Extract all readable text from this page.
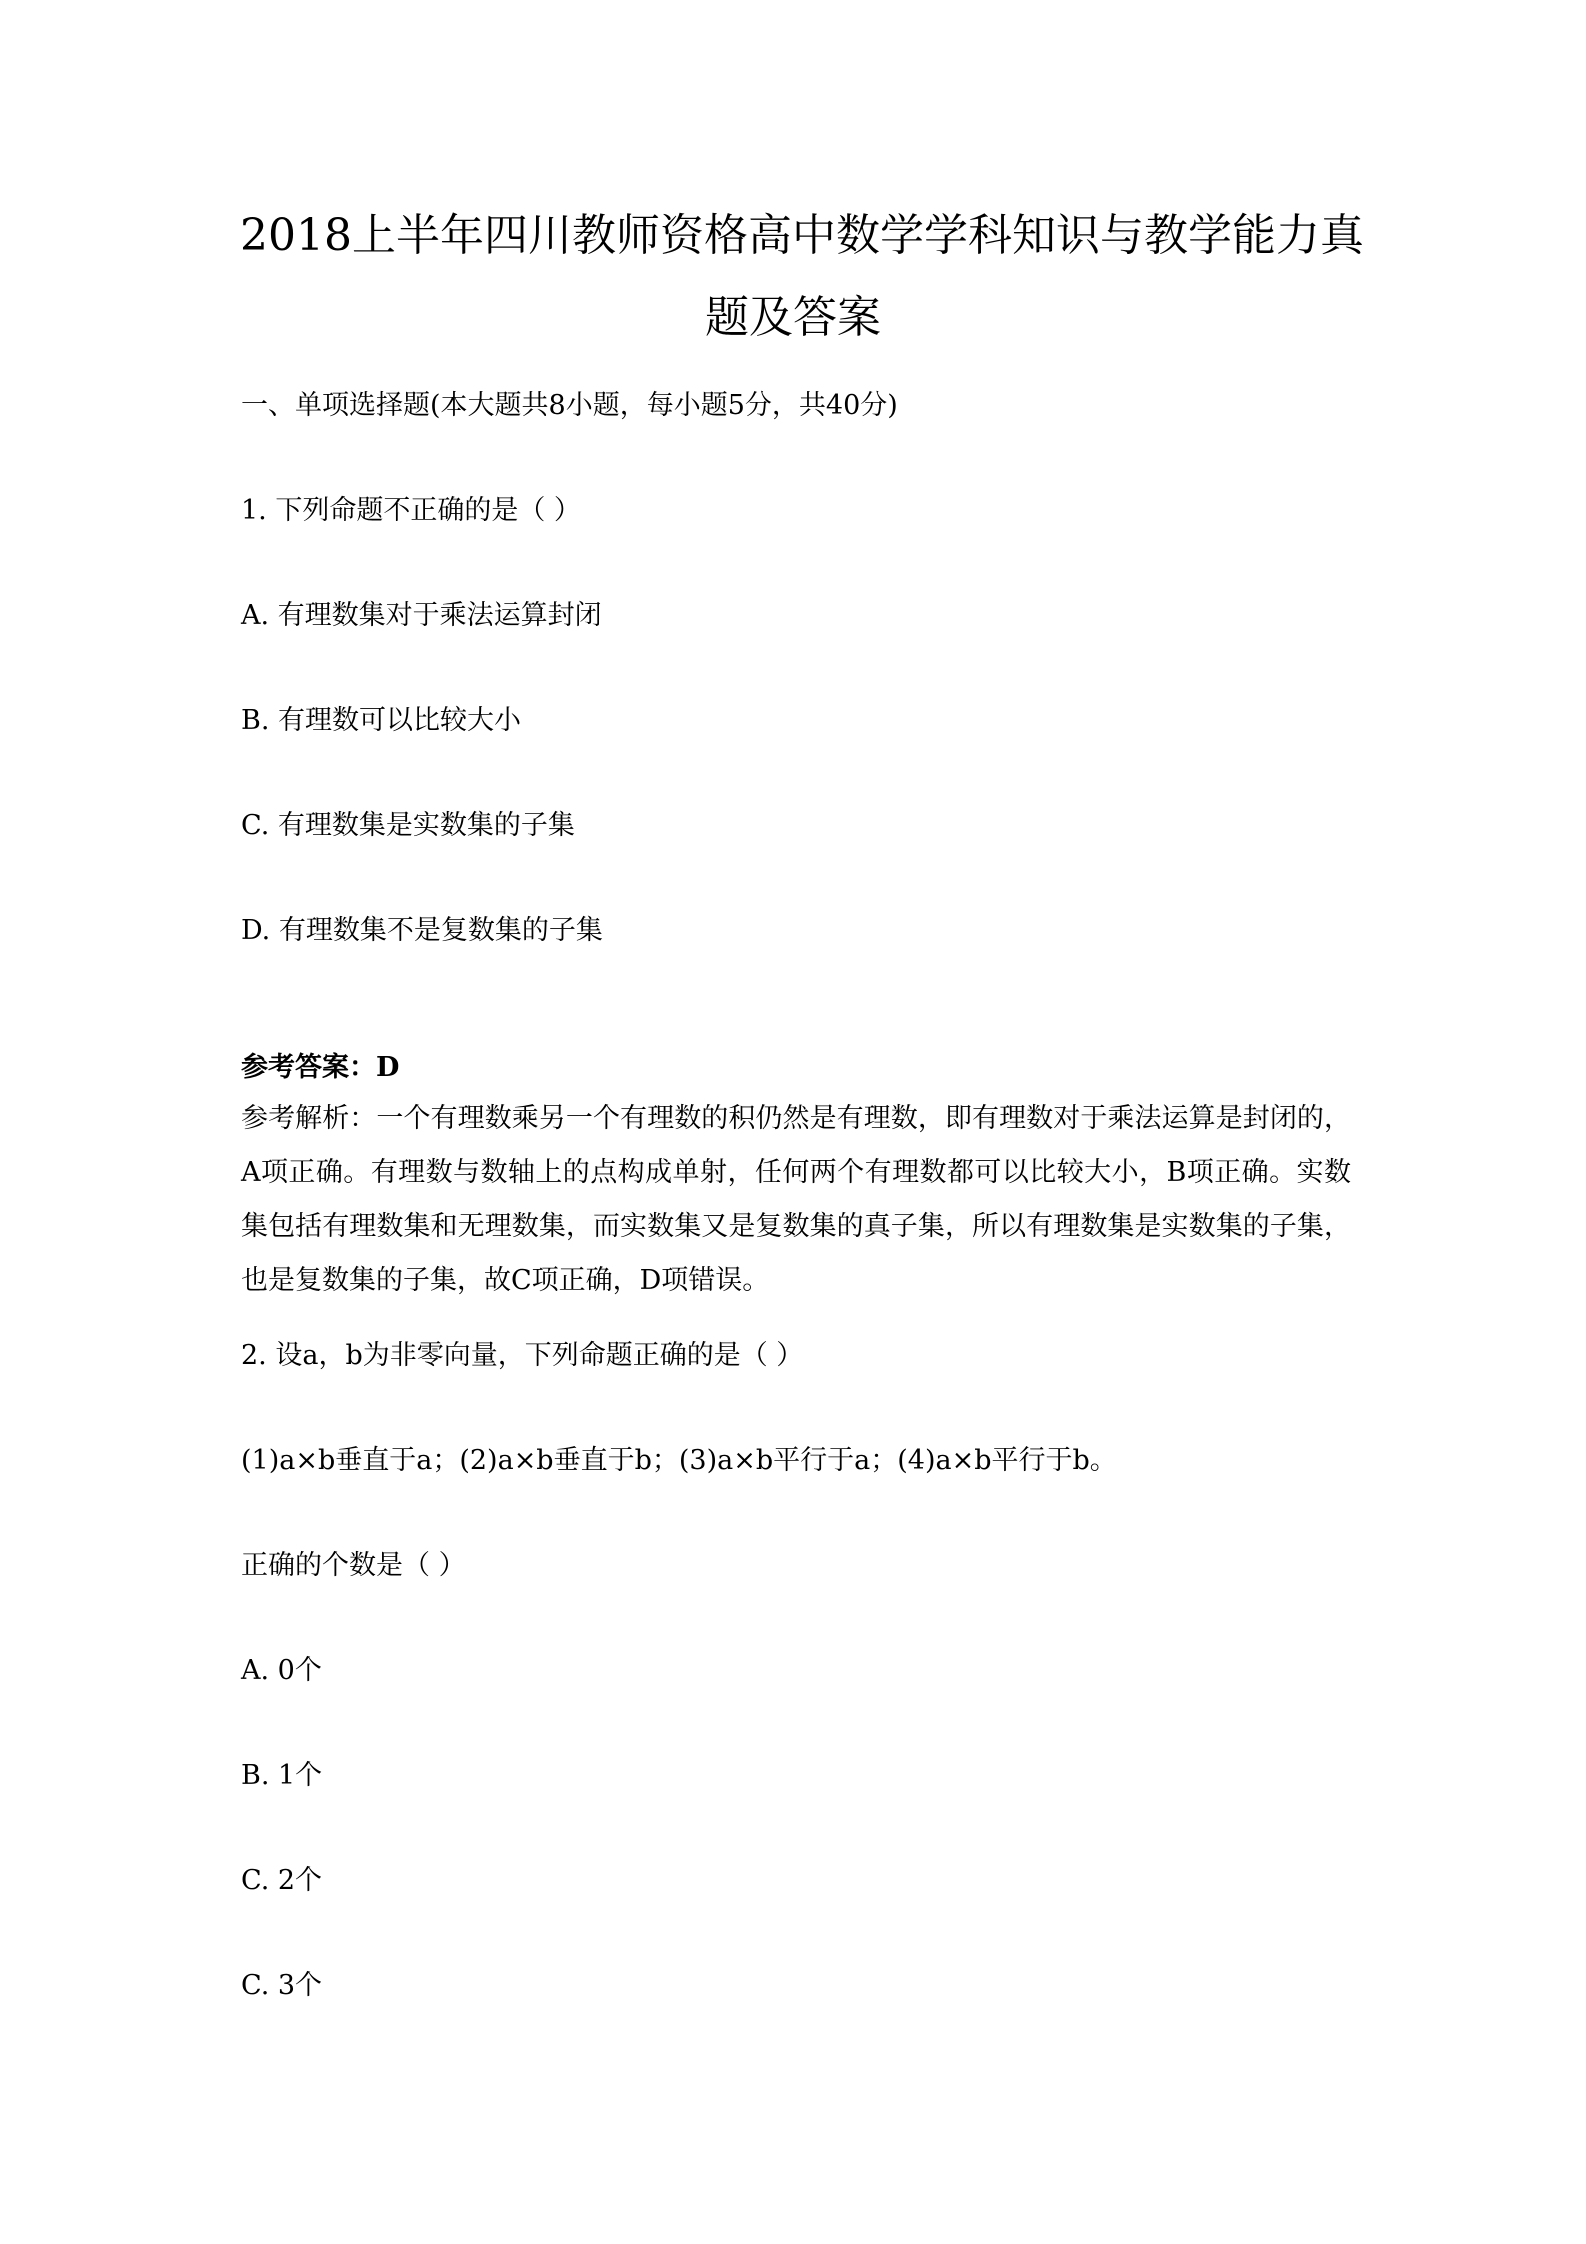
2018上半年四川教师资格高中数学学科知识与教学能力真
题及答案
一、单项选择题(本大题共8小题，每小题5分，共40分)
1. 下列命题不正确的是（ ）
A. 有理数集对于乘法运算封闭
B. 有理数可以比较大小
C. 有理数集是实数集的子集
D. 有理数集不是复数集的子集
参考答案：D
参考解析：一个有理数乘另一个有理数的积仍然是有理数，即有理数对于乘法运算是封闭的，A项正确。有理数与数轴上的点构成单射，任何两个有理数都可以比较大小，B项正确。实数集包括有理数集和无理数集，而实数集又是复数集的真子集，所以有理数集是实数集的子集，也是复数集的子集，故C项正确，D项错误。
2. 设a，b为非零向量，下列命题正确的是（ ）
(1)a×b垂直于a；(2)a×b垂直于b；(3)a×b平行于a；(4)a×b平行于b。
正确的个数是（ ）
A. 0个
B. 1个
C. 2个
C. 3个
